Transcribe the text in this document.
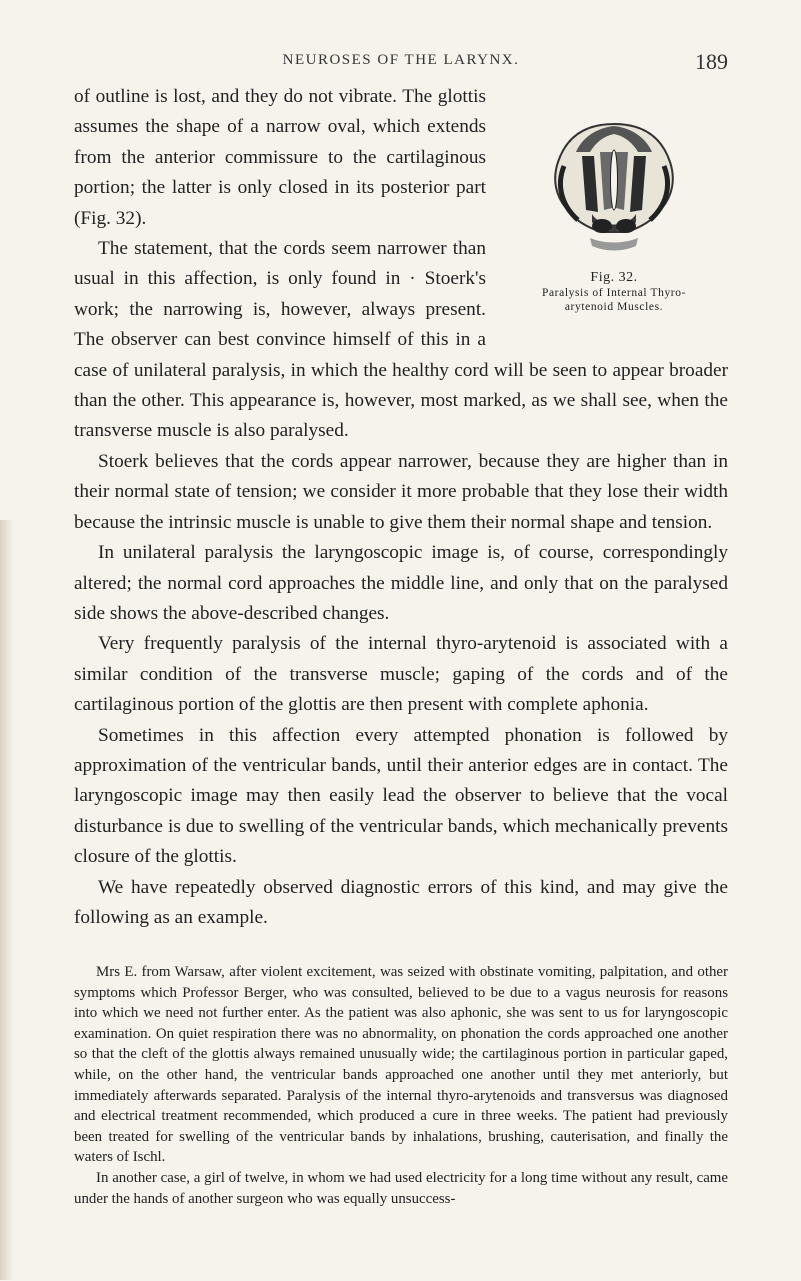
NEUROSES OF THE LARYNX.	189
Fig. 32.
Paralysis of Internal Thyro-
arytenoid Muscles.

of outline is lost, and they do not vibrate. The glottis assumes the shape of a narrow oval, which extends from the anterior commissure to the cartilaginous portion; the latter is only closed in its posterior part (Fig. 32).

The statement, that the cords seem narrower than usual in this affection, is only found in · Stoerk's work; the narrowing is, however, always present. The observer can best convince himself of this in a case of unilateral paralysis, in which the healthy cord will be seen to appear broader than the other. This appearance is, however, most marked, as we shall see, when the transverse muscle is also paralysed.

Stoerk believes that the cords appear narrower, because they are higher than in their normal state of tension; we consider it more probable that they lose their width because the intrinsic muscle is unable to give them their normal shape and tension.

In unilateral paralysis the laryngoscopic image is, of course, correspondingly altered; the normal cord approaches the middle line, and only that on the paralysed side shows the above-described changes.

Very frequently paralysis of the internal thyro-arytenoid is associated with a similar condition of the transverse muscle; gaping of the cords and of the cartilaginous portion of the glottis are then present with complete aphonia.

Sometimes in this affection every attempted phonation is followed by approximation of the ventricular bands, until their anterior edges are in contact. The laryngoscopic image may then easily lead the observer to believe that the vocal disturbance is due to swelling of the ventricular bands, which mechanically prevents closure of the glottis.

We have repeatedly observed diagnostic errors of this kind, and may give the following as an example.

Mrs E. from Warsaw, after violent excitement, was seized with obstinate vomiting, palpitation, and other symptoms which Professor Berger, who was consulted, believed to be due to a vagus neurosis for reasons into which we need not further enter. As the patient was also aphonic, she was sent to us for laryngoscopic examination. On quiet respiration there was no abnormality, on phonation the cords approached one another so that the cleft of the glottis always remained unusually wide; the cartilaginous portion in particular gaped, while, on the other hand, the ventricular bands approached one another until they met anteriorly, but immediately afterwards separated. Paralysis of the internal thyro-arytenoids and transversus was diagnosed and electrical treatment recommended, which produced a cure in three weeks. The patient had previously been treated for swelling of the ventricular bands by inhalations, brushing, cauterisation, and finally the waters of Ischl.

In another case, a girl of twelve, in whom we had used electricity for a long time without any result, came under the hands of another surgeon who was equally unsuccess-
